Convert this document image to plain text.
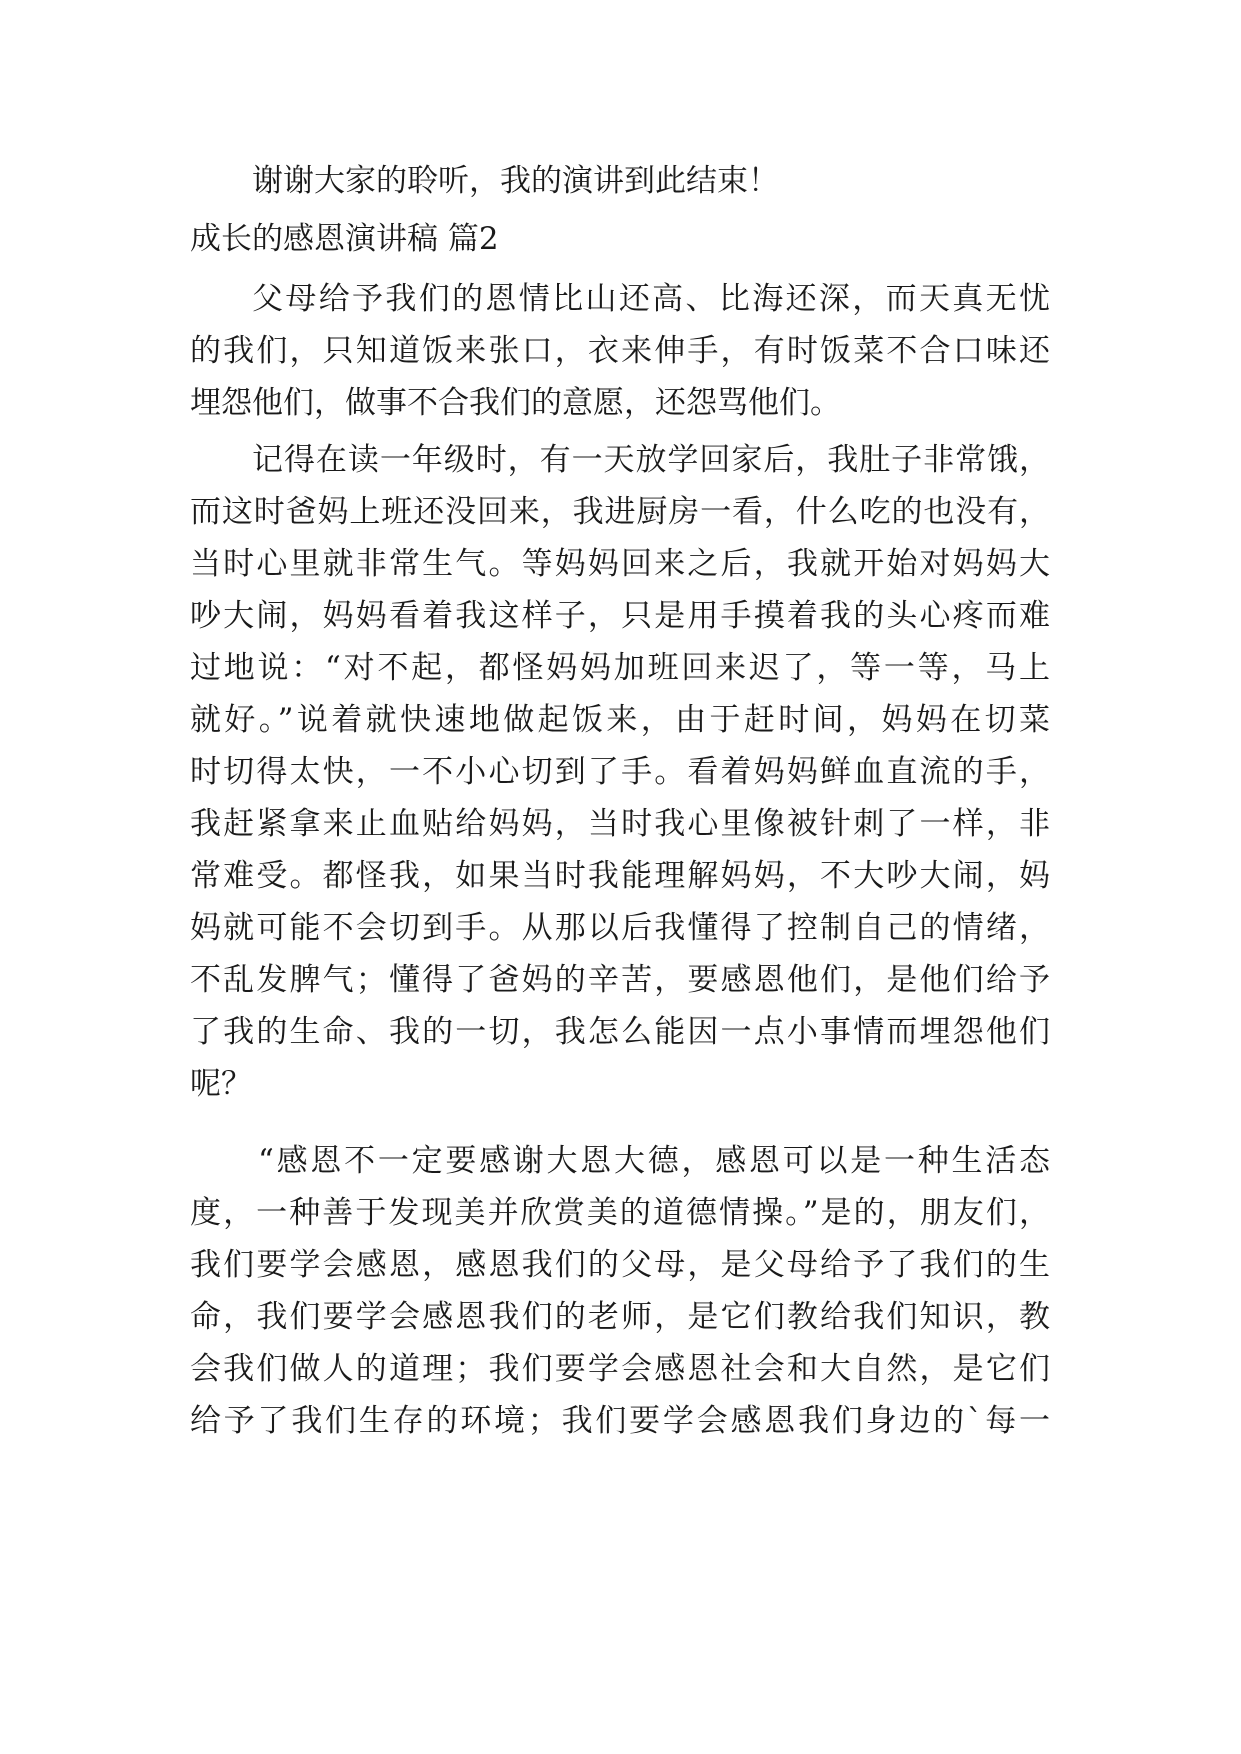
谢谢大家的聆听，我的演讲到此结束！
成长的感恩演讲稿 篇2
父母给予我们的恩情比山还高、比海还深，而天真无忧
的我们，只知道饭来张口，衣来伸手，有时饭菜不合口味还
埋怨他们，做事不合我们的意愿，还怨骂他们。
记得在读一年级时，有一天放学回家后，我肚子非常饿，
而这时爸妈上班还没回来，我进厨房一看，什么吃的也没有，
当时心里就非常生气。等妈妈回来之后，我就开始对妈妈大
吵大闹，妈妈看着我这样子，只是用手摸着我的头心疼而难
过地说：“对不起，都怪妈妈加班回来迟了，等一等，马上
就好。”说着就快速地做起饭来，由于赶时间，妈妈在切菜
时切得太快，一不小心切到了手。看着妈妈鲜血直流的手，
我赶紧拿来止血贴给妈妈，当时我心里像被针刺了一样，非
常难受。都怪我，如果当时我能理解妈妈，不大吵大闹，妈
妈就可能不会切到手。从那以后我懂得了控制自己的情绪，
不乱发脾气；懂得了爸妈的辛苦，要感恩他们，是他们给予
了我的生命、我的一切，我怎么能因一点小事情而埋怨他们
呢？
“感恩不一定要感谢大恩大德，感恩可以是一种生活态
度，一种善于发现美并欣赏美的道德情操。”是的，朋友们，
我们要学会感恩，感恩我们的父母，是父母给予了我们的生
命，我们要学会感恩我们的老师，是它们教给我们知识，教
会我们做人的道理；我们要学会感恩社会和大自然，是它们
给予了我们生存的环境；我们要学会感恩我们身边的`每一
